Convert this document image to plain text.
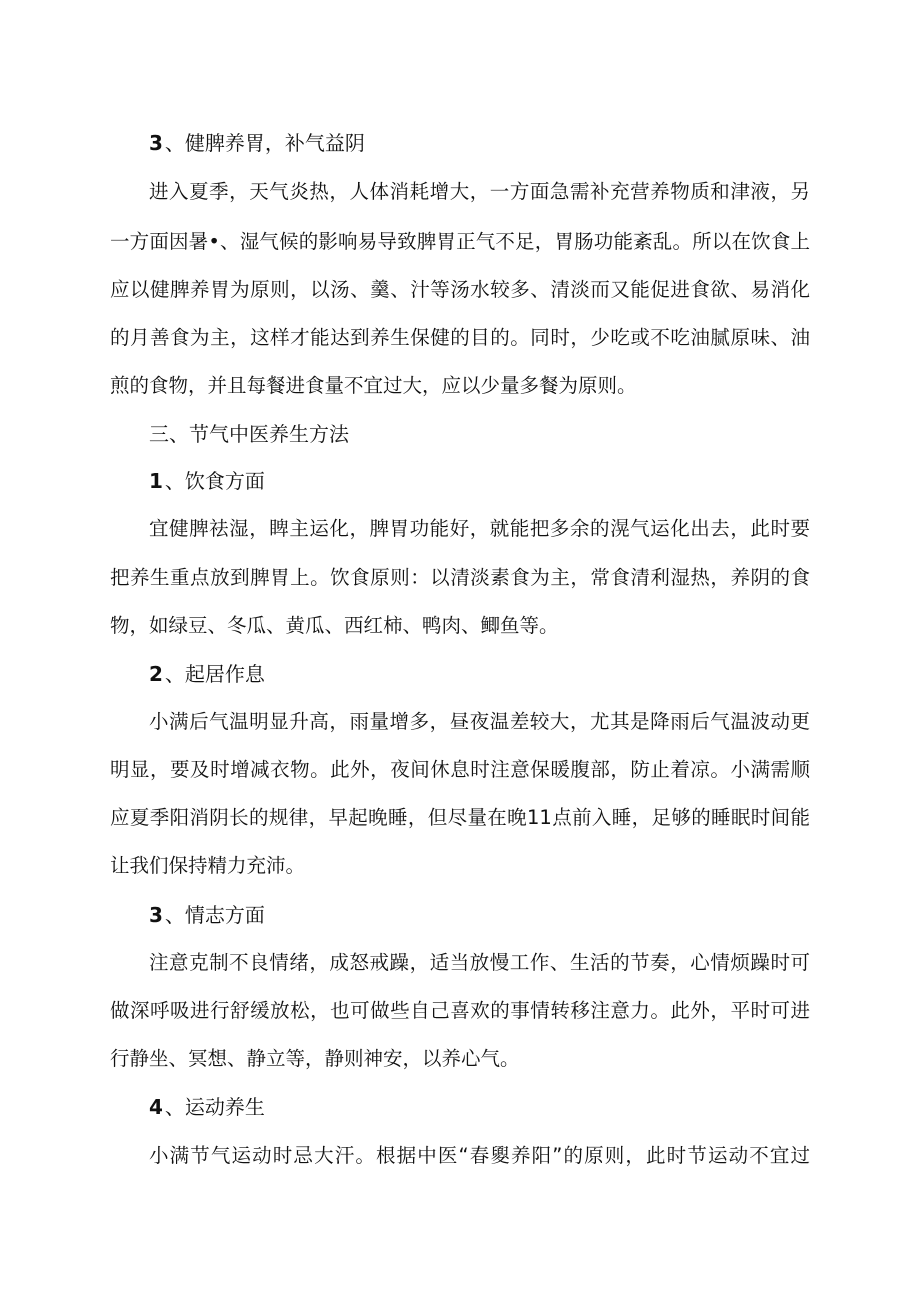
3 、健脾养胃，补气益阴
进入夏季，天气炎热，人体消耗增大，一方面急需补充营养物质和津液，另
一方面因暑•、湿气候的影响易导致脾胃正气不足，胃肠功能紊乱。所以在饮食上
应以健脾养胃为原则，以汤、羹、汁等汤水较多、清淡而又能促进食欲、易消化
的月善食为主，这样才能达到养生保健的目的。同时，少吃或不吃油腻原味、油
煎的食物，并且每餐进食量不宜过大，应以少量多餐为原则。
三、节气中医养生方法
1 、饮食方面
宜健脾祛湿，睥主运化，脾胃功能好，就能把多余的滉气运化出去，此时要
把养生重点放到脾胃上。饮食原则：以清淡素食为主，常食清利湿热，养阴的食
物，如绿豆、冬瓜、黄瓜、西红柿、鸭肉、鲫鱼等。
2 、起居作息
小满后气温明显升高，雨量增多，昼夜温差较大，尤其是降雨后气温波动更
明显，要及时增减衣物。此外，夜间休息时注意保暖腹部，防止着凉。小满需顺
应夏季阳消阴长的规律，早起晚睡，但尽量在晚11点前入睡，足够的睡眠时间能
让我们保持精力充沛。
3 、情志方面
注意克制不良情绪，成怒戒躁，适当放慢工作、生活的节奏，心情烦躁时可
做深呼吸进行舒缓放松，也可做些自己喜欢的事情转移注意力。此外，平时可进
行静坐、冥想、静立等，静则神安，以养心气。
4 、运动养生
小满节气运动时忌大汗。根据中医“春夓养阳”的原则，此时节运动不宜过
